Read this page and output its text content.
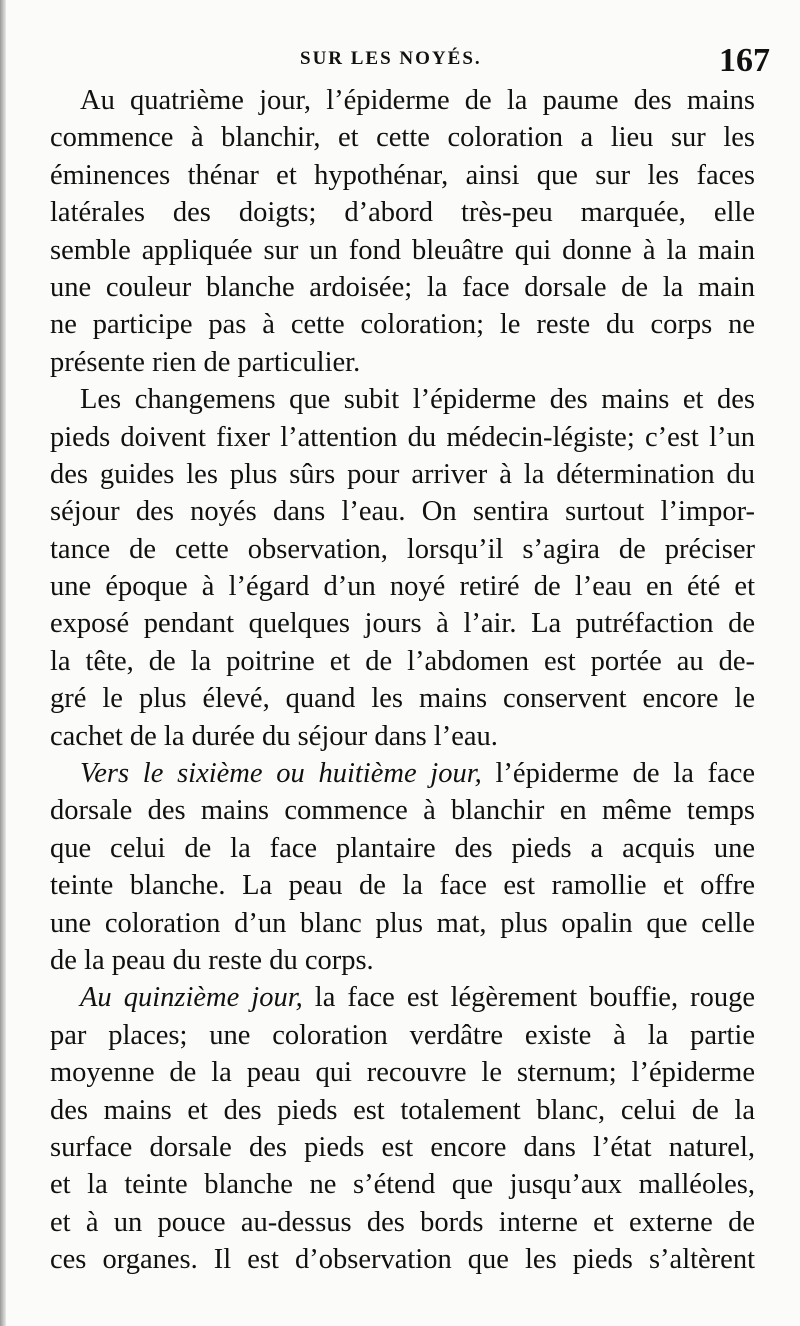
SUR LES NOYÉS.	167
Au quatrième jour, l’épiderme de la paume des mains
commence à blanchir, et cette coloration a lieu sur les
éminences thénar et hypothénar, ainsi que sur les faces
latérales des doigts; d’abord très-peu marquée, elle
semble appliquée sur un fond bleuâtre qui donne à la main
une couleur blanche ardoisée; la face dorsale de la main
ne participe pas à cette coloration; le reste du corps ne
présente rien de particulier.
Les changemens que subit l’épiderme des mains et des
pieds doivent fixer l’attention du médecin-légiste; c’est l’un
des guides les plus sûrs pour arriver à la détermination du
séjour des noyés dans l’eau. On sentira surtout l’impor-
tance de cette observation, lorsqu’il s’agira de préciser
une époque à l’égard d’un noyé retiré de l’eau en été et
exposé pendant quelques jours à l’air. La putréfaction de
la tête, de la poitrine et de l’abdomen est portée au de-
gré le plus élevé, quand les mains conservent encore le
cachet de la durée du séjour dans l’eau.
Vers le sixième ou huitième jour, l’épiderme de la face
dorsale des mains commence à blanchir en même temps
que celui de la face plantaire des pieds a acquis une
teinte blanche. La peau de la face est ramollie et offre
une coloration d’un blanc plus mat, plus opalin que celle
de la peau du reste du corps.
Au quinzième jour, la face est légèrement bouffie, rouge
par places; une coloration verdâtre existe à la partie
moyenne de la peau qui recouvre le sternum; l’épiderme
des mains et des pieds est totalement blanc, celui de la
surface dorsale des pieds est encore dans l’état naturel,
et la teinte blanche ne s’étend que jusqu’aux malléoles,
et à un pouce au-dessus des bords interne et externe de
ces organes. Il est d’observation que les pieds s’altèrent
